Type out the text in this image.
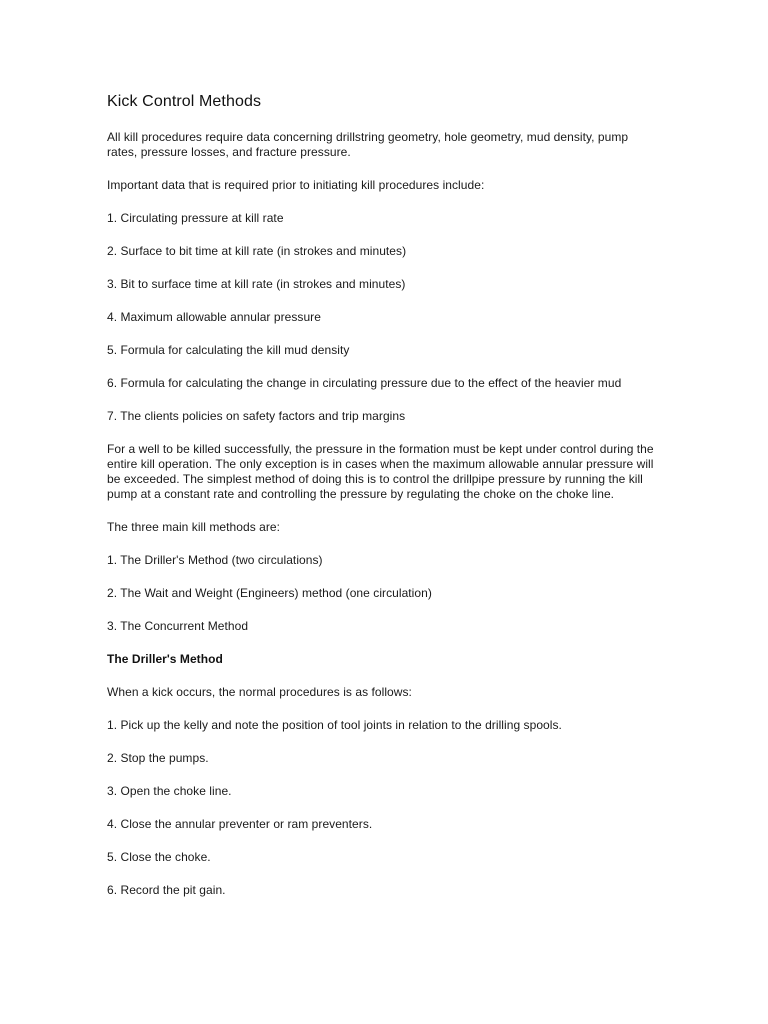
Kick Control Methods

All kill procedures require data concerning drillstring geometry, hole geometry, mud density, pump rates, pressure losses, and fracture pressure.

Important data that is required prior to initiating kill procedures include:

1. Circulating pressure at kill rate

2. Surface to bit time at kill rate (in strokes and minutes)

3. Bit to surface time at kill rate (in strokes and minutes)

4. Maximum allowable annular pressure

5. Formula for calculating the kill mud density

6. Formula for calculating the change in circulating pressure due to the effect of the heavier mud

7. The clients policies on safety factors and trip margins

For a well to be killed successfully, the pressure in the formation must be kept under control during the entire kill operation. The only exception is in cases when the maximum allowable annular pressure will be exceeded. The simplest method of doing this is to control the drillpipe pressure by running the kill pump at a constant rate and controlling the pressure by regulating the choke on the choke line.

The three main kill methods are:

1. The Driller's Method (two circulations)

2. The Wait and Weight (Engineers) method (one circulation)

3. The Concurrent Method

The Driller's Method

When a kick occurs, the normal procedures is as follows:

1. Pick up the kelly and note the position of tool joints in relation to the drilling spools.

2. Stop the pumps.

3. Open the choke line.

4. Close the annular preventer or ram preventers.

5. Close the choke.

6. Record the pit gain.
